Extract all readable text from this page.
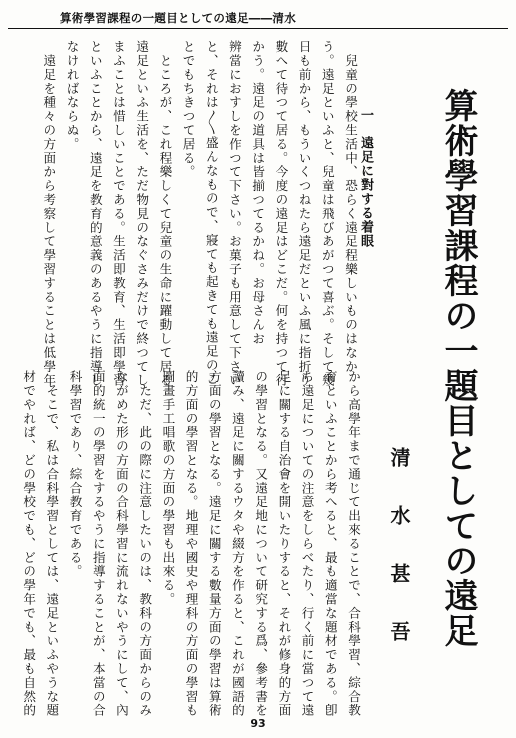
算術學習課程の一題目としての遠足――清水
算術學習課程の一題目としての遠足
清水甚吾
一　遠足に對する着眼

　兒童の學校生活中、恐らく遠足程樂しいものはなか

う。遠足といふと、兒童は飛びあがつて喜ぶ。そして幾

日も前から、もういくつねたら遠足だといふ風に指折り

數へて待つて居る。今度の遠足はどこだ。何を持つて行

かう。遠足の道具は皆揃つてるかね。お母さんお

辨當におすしを作つて下さい。お菓子も用意して下さい

と、それは〳〵盛んなもので、寢ても起きても遠足のこ

とでもちきつて居る。

　ところが、これ程樂しくて兒童の生命に躍動して居る

遠足といふ生活を、ただ物見のなぐさみだけで終つてし

まふことは惜しいことである。生活即教育、生活即學習

といふことから、遠足を教育的意義のあるやうに指導し

なければならぬ。

　遠足を種々の方面から考察して學習することは低學年

から高學年まで通じて出來ることで、合科學習、綜合教

育といふことから考へると、最も適當な題材である。卽

ち遠足についての注意をしらべたり、行く前に當つて遠

足に關する自治會を開いたりすると、それが修身的方面

の學習となる。又遠足地について研究する爲、參考書を

讀み、遠足に關するウタや綴方を作ると、これが國語的

方面の學習となる。遠足に關する數量方面の學習は算術

的方面の學習となる。地理や國史や理科の方面の學習も

圖畫手工唱歌の方面の學習も出來る。

　ただ、此の際に注意したいのは、教科の方面からのみ

ながめた形の方面の合科學習に流れないやうにして、內

面的統一の學習をするやうに指導することが、本當の合

科學習であり、綜合教育である。

　そこで、私は合科學習としては、遠足といふやうな題

材でやれば、どの學校でも、どの學年でも、最も自然的

93
